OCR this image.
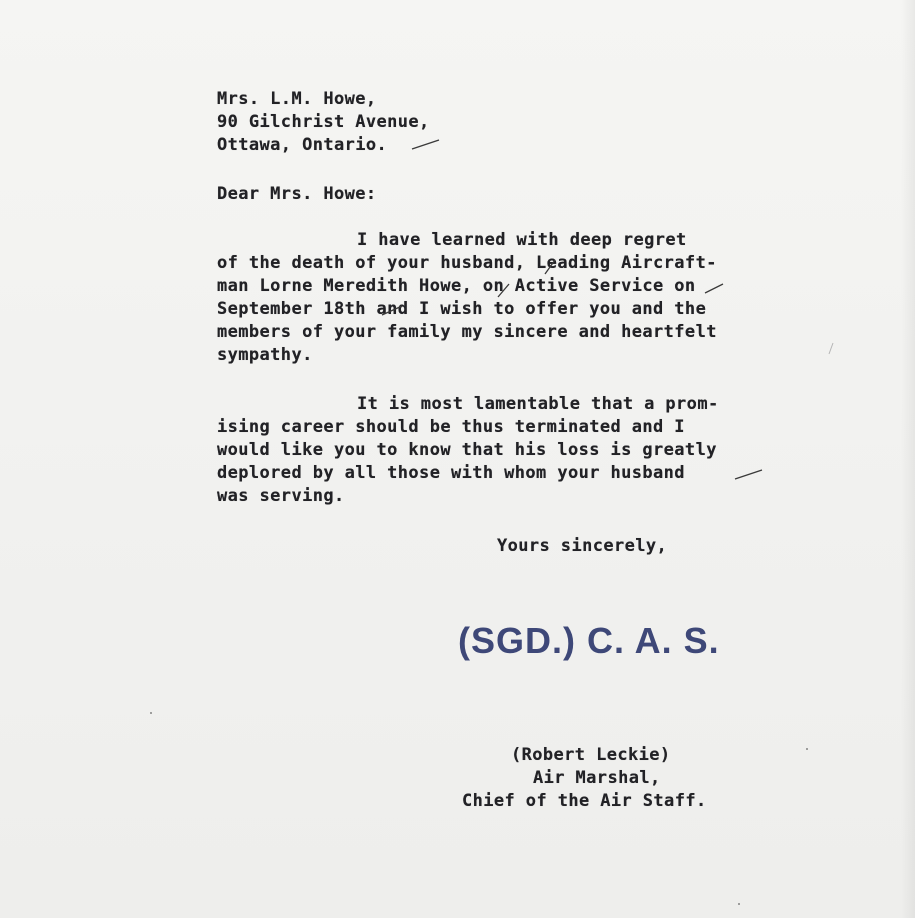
Mrs. L.M. Howe,

90 Gilchrist Avenue,

Ottawa, Ontario.

Dear Mrs. Howe:

I have learned with deep regret

of the death of your husband, Leading Aircraft-

man Lorne Meredith Howe, on Active Service on

September 18th and I wish to offer you and the

members of your family my sincere and heartfelt

sympathy.

It is most lamentable that a prom-

ising career should be thus terminated and I

would like you to know that his loss is greatly

deplored by all those with whom your husband

was serving.

Yours sincerely,

(SGD.) C. A. S.

(Robert Leckie)

Air Marshal,

Chief of the Air Staff.
